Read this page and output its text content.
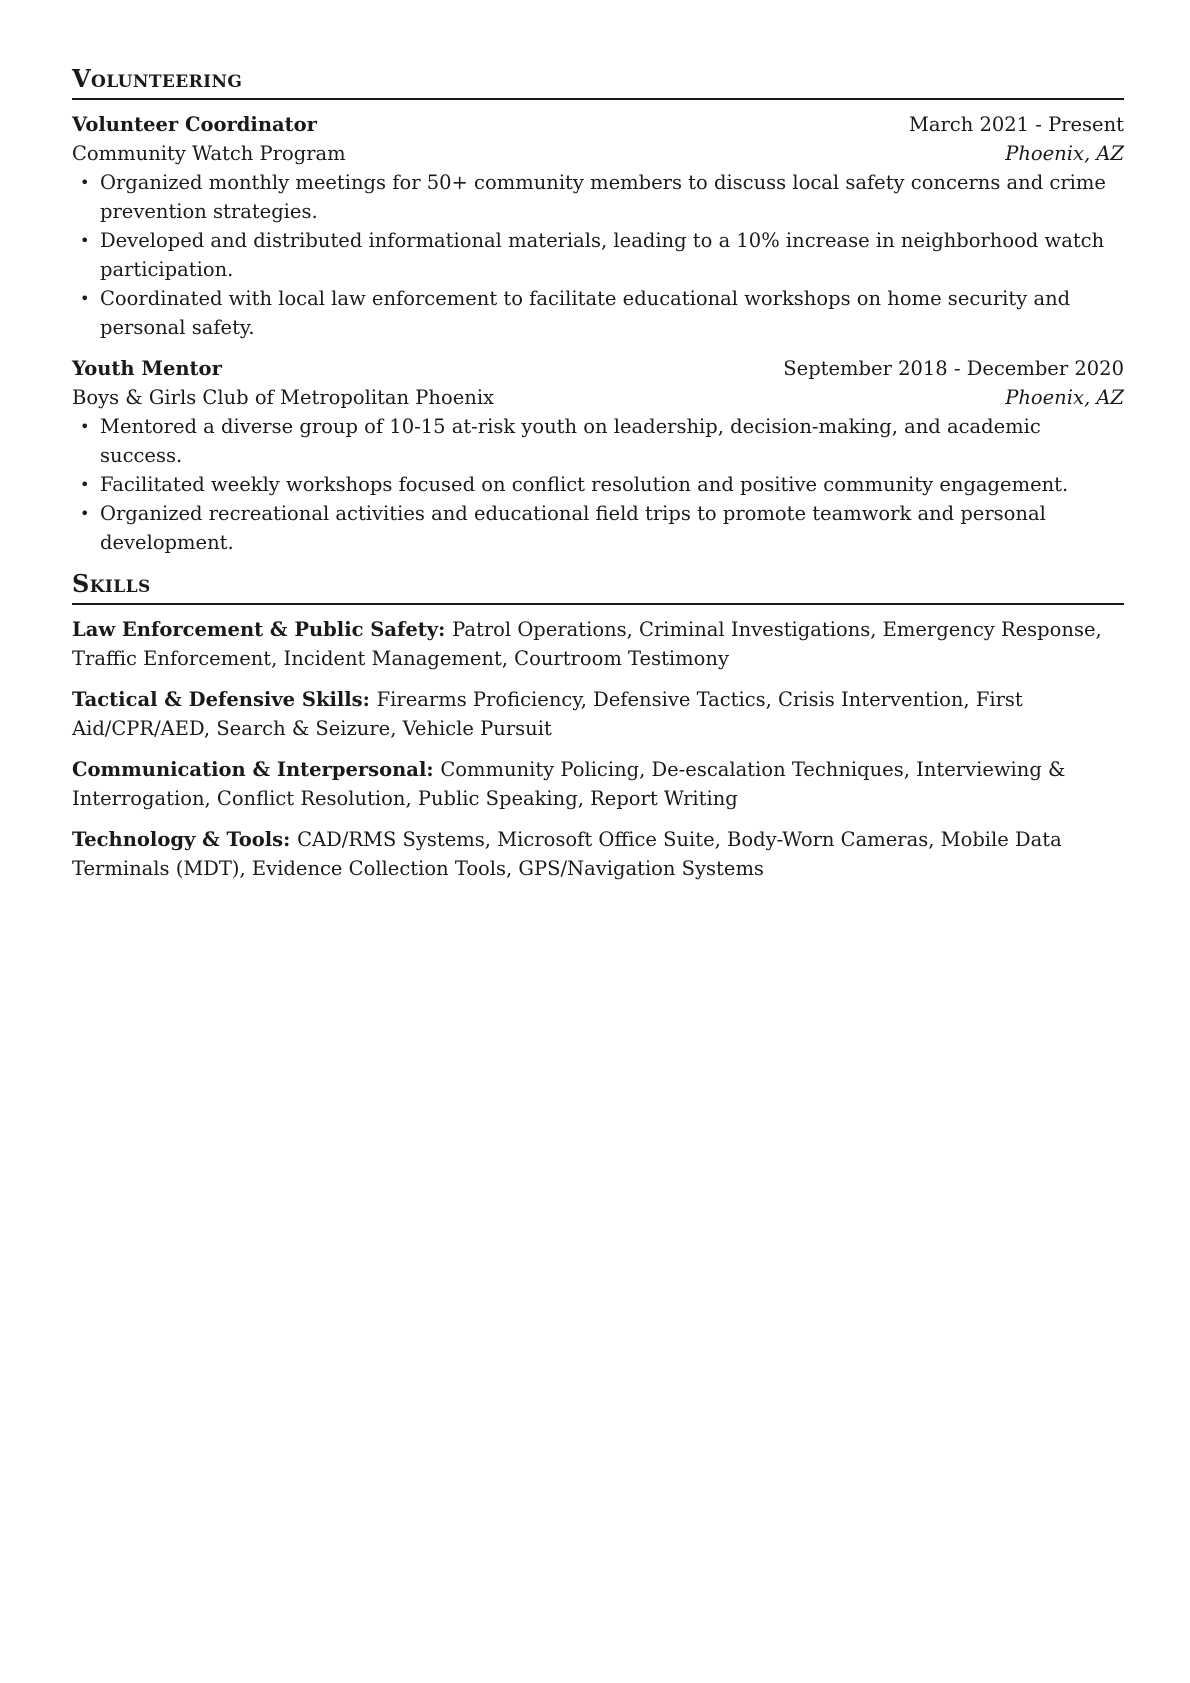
Volunteering
Volunteer Coordinator	March 2021 - Present
Community Watch Program	Phoenix, AZ
• Organized monthly meetings for 50+ community members to discuss local safety concerns and crime prevention strategies.
• Developed and distributed informational materials, leading to a 10% increase in neighborhood watch participation.
• Coordinated with local law enforcement to facilitate educational workshops on home security and personal safety.
Youth Mentor	September 2018 - December 2020
Boys & Girls Club of Metropolitan Phoenix	Phoenix, AZ
• Mentored a diverse group of 10-15 at-risk youth on leadership, decision-making, and academic success.
• Facilitated weekly workshops focused on conflict resolution and positive community engagement.
• Organized recreational activities and educational field trips to promote teamwork and personal development.
Skills
Law Enforcement & Public Safety: Patrol Operations, Criminal Investigations, Emergency Response, Traffic Enforcement, Incident Management, Courtroom Testimony
Tactical & Defensive Skills: Firearms Proficiency, Defensive Tactics, Crisis Intervention, First Aid/CPR/AED, Search & Seizure, Vehicle Pursuit
Communication & Interpersonal: Community Policing, De-escalation Techniques, Interviewing & Interrogation, Conflict Resolution, Public Speaking, Report Writing
Technology & Tools: CAD/RMS Systems, Microsoft Office Suite, Body-Worn Cameras, Mobile Data Terminals (MDT), Evidence Collection Tools, GPS/Navigation Systems
